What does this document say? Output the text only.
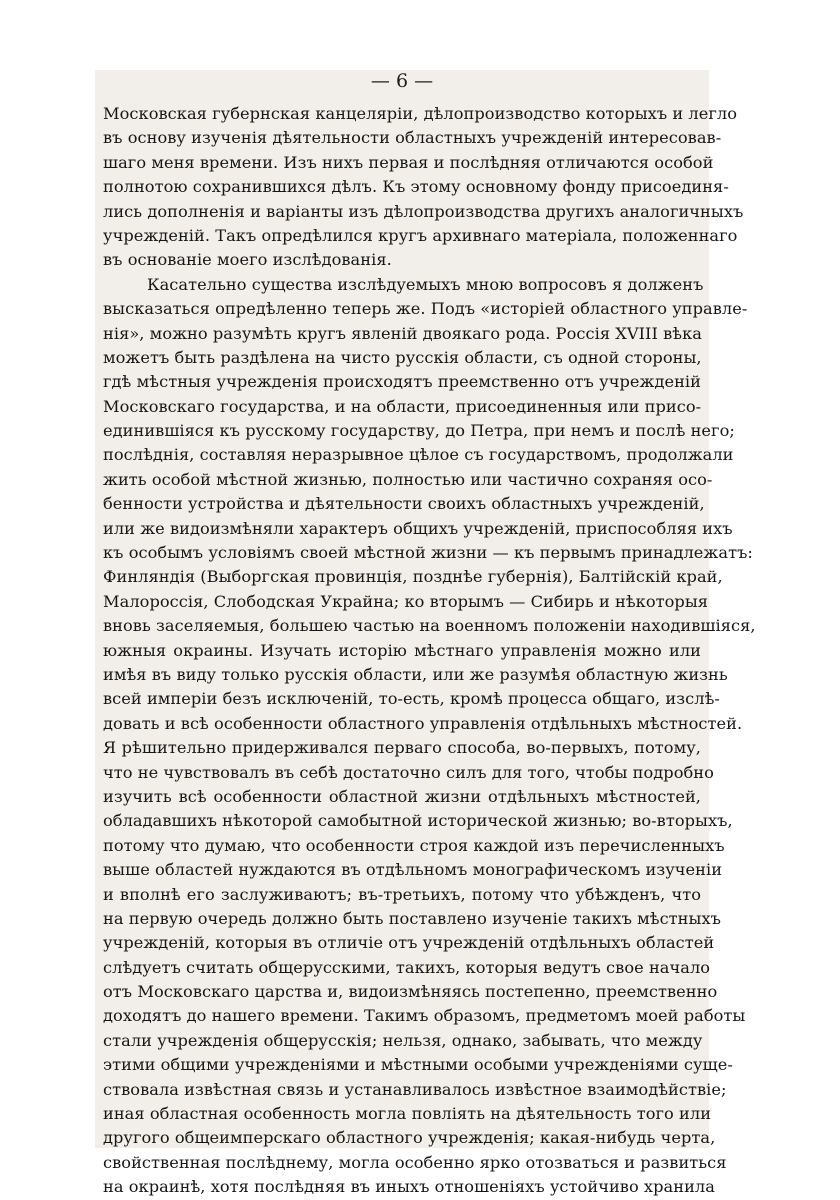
— 6 —
Московская губернская канцеляріи, дѣлопроизводство которыхъ и легло
въ основу изученія дѣятельности областныхъ учрежденій интересовав-
шаго меня времени. Изъ нихъ первая и послѣдняя отличаются особой
полнотою сохранившихся дѣлъ. Къ этому основному фонду присоединя-
лись дополненія и варіанты изъ дѣлопроизводства другихъ аналогичныхъ
учрежденій. Такъ опредѣлился кругъ архивнаго матеріала, положеннаго
въ основаніе моего изслѣдованія.
Касательно существа изслѣдуемыхъ мною вопросовъ я долженъ
высказаться опредѣленно теперь же. Подъ «исторіей областного управле-
нія», можно разумѣть кругъ явленій двоякаго рода. Россія XVIII вѣка
можетъ быть раздѣлена на чисто русскія области, съ одной стороны,
гдѣ мѣстныя учрежденія происходятъ преемственно отъ учрежденій
Московскаго государства, и на области, присоединенныя или присо-
единившіяся къ русскому государству, до Петра, при немъ и послѣ него;
послѣднія, составляя неразрывное цѣлое съ государствомъ, продолжали
жить особой мѣстной жизнью, полностью или частично сохраняя осо-
бенности устройства и дѣятельности своихъ областныхъ учрежденій,
или же видоизмѣняли характеръ общихъ учрежденій, приспособляя ихъ
къ особымъ условіямъ своей мѣстной жизни — къ первымъ принадлежатъ:
Финляндія (Выборгская провинція, позднѣе губернія), Балтійскій край,
Малороссія, Слободская Украйна; ко вторымъ — Сибирь и нѣкоторыя
вновь заселяемыя, большею частью на военномъ положеніи находившіяся,
южныя окраины. Изучать исторію мѣстнаго управленія можно или
имѣя въ виду только русскія области, или же разумѣя областную жизнь
всей имперіи безъ исключеній, то-есть, кромѣ процесса общаго, изслѣ-
довать и всѣ особенности областного управленія отдѣльныхъ мѣстностей.
Я рѣшительно придерживался перваго способа, во-первыхъ, потому,
что не чувствовалъ въ себѣ достаточно силъ для того, чтобы подробно
изучить всѣ особенности областной жизни отдѣльныхъ мѣстностей,
обладавшихъ нѣкоторой самобытной исторической жизнью; во-вторыхъ,
потому что думаю, что особенности строя каждой изъ перечисленныхъ
выше областей нуждаются въ отдѣльномъ монографическомъ изученіи
и вполнѣ его заслуживаютъ; въ-третьихъ, потому что убѣжденъ, что
на первую очередь должно быть поставлено изученіе такихъ мѣстныхъ
учрежденій, которыя въ отличіе отъ учрежденій отдѣльныхъ областей
слѣдуетъ считать общерусскими, такихъ, которыя ведутъ свое начало
отъ Московскаго царства и, видоизмѣняясь постепенно, преемственно
доходятъ до нашего времени. Такимъ образомъ, предметомъ моей работы
стали учрежденія общерусскія; нельзя, однако, забывать, что между
этими общими учрежденіями и мѣстными особыми учрежденіями суще-
ствовала извѣстная связь и устанавливалось извѣстное взаимодѣйствіе;
иная областная особенность могла повліять на дѣятельность того или
другого общеимперскаго областного учрежденія; какая-нибудь черта,
свойственная послѣднему, могла особенно ярко отозваться и развиться
на окраинѣ, хотя послѣдняя въ иныхъ отношеніяхъ устойчиво хранила
